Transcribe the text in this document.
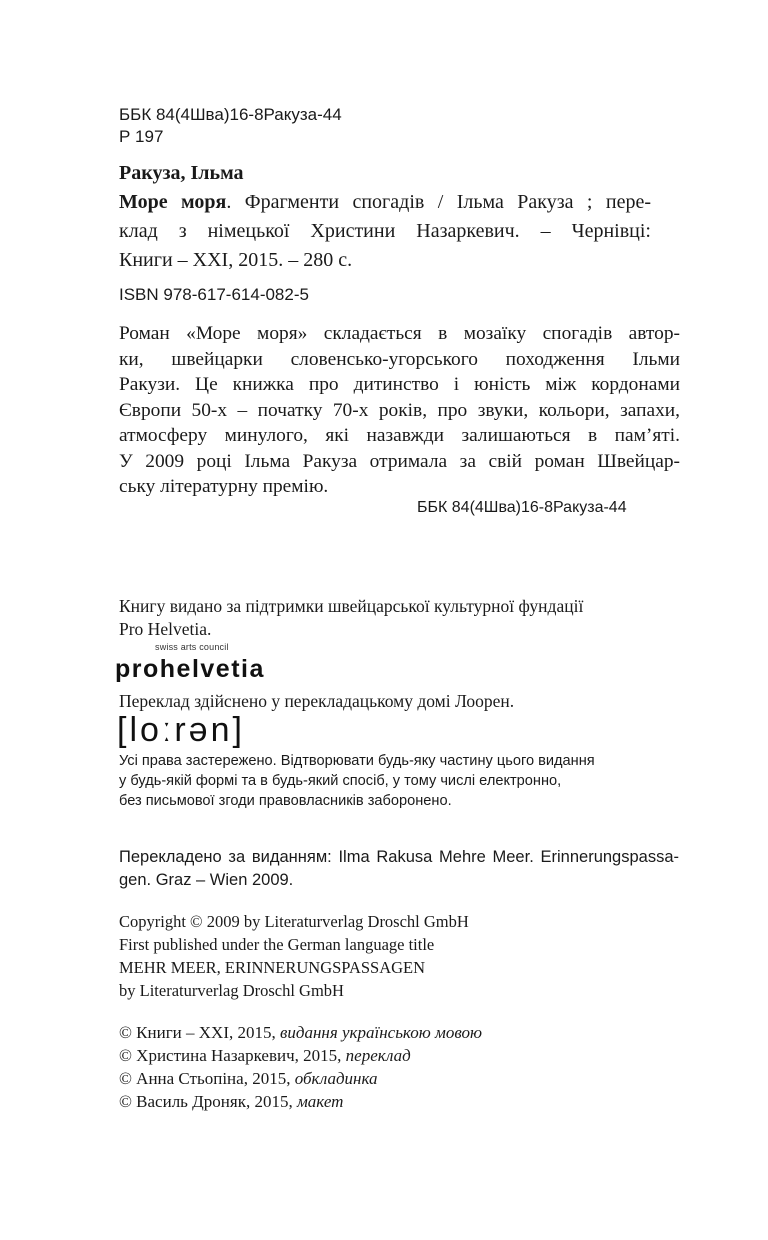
ББК 84(4Шва)16-8Ракуза-44
Р 197
Ракуза, Ільма
Море моря. Фрагменти спогадів / Ільма Ракуза ; пере-
клад з німецької Христини Назаркевич. – Чернівці:
Книги – XXI, 2015. – 280 с.
ISBN 978-617-614-082-5
Роман «Море моря» складається в мозаїку спогадів автор-
ки, швейцарки словенсько-угорського походження Ільми
Ракузи. Це книжка про дитинство і юність між кордонами
Європи 50-х – початку 70-х років, про звуки, кольори, запахи,
атмосферу минулого, які назавжди залишаються в пам’яті.
У 2009 році Ільма Ракуза отримала за свій роман Швейцар-
ську літературну премію.
ББК 84(4Шва)16-8Ракуза-44
Книгу видано за підтримки швейцарської культурної фундації
Pro Helvetia.
swiss arts council
prohelvetia
Переклад здійснено у перекладацькому домі Лоорен.
[loːrən]
Усі права застережено. Відтворювати будь-яку частину цього видання
у будь-якій формі та в будь-який спосіб, у тому числі електронно,
без письмової згоди правовласників заборонено.
Перекладено за виданням: Ilma Rakusa Mehre Meer. Erinnerungspassa-
gen. Graz – Wien 2009.
Copyright © 2009 by Literaturverlag Droschl GmbH
First published under the German language title
MEHR MEER, ERINNERUNGSPASSAGEN
by Literaturverlag Droschl GmbH
© Книги – XXI, 2015, видання українською мовою
© Христина Назаркевич, 2015, переклад
© Анна Стьопіна, 2015, обкладинка
© Василь Дроняк, 2015, макет
